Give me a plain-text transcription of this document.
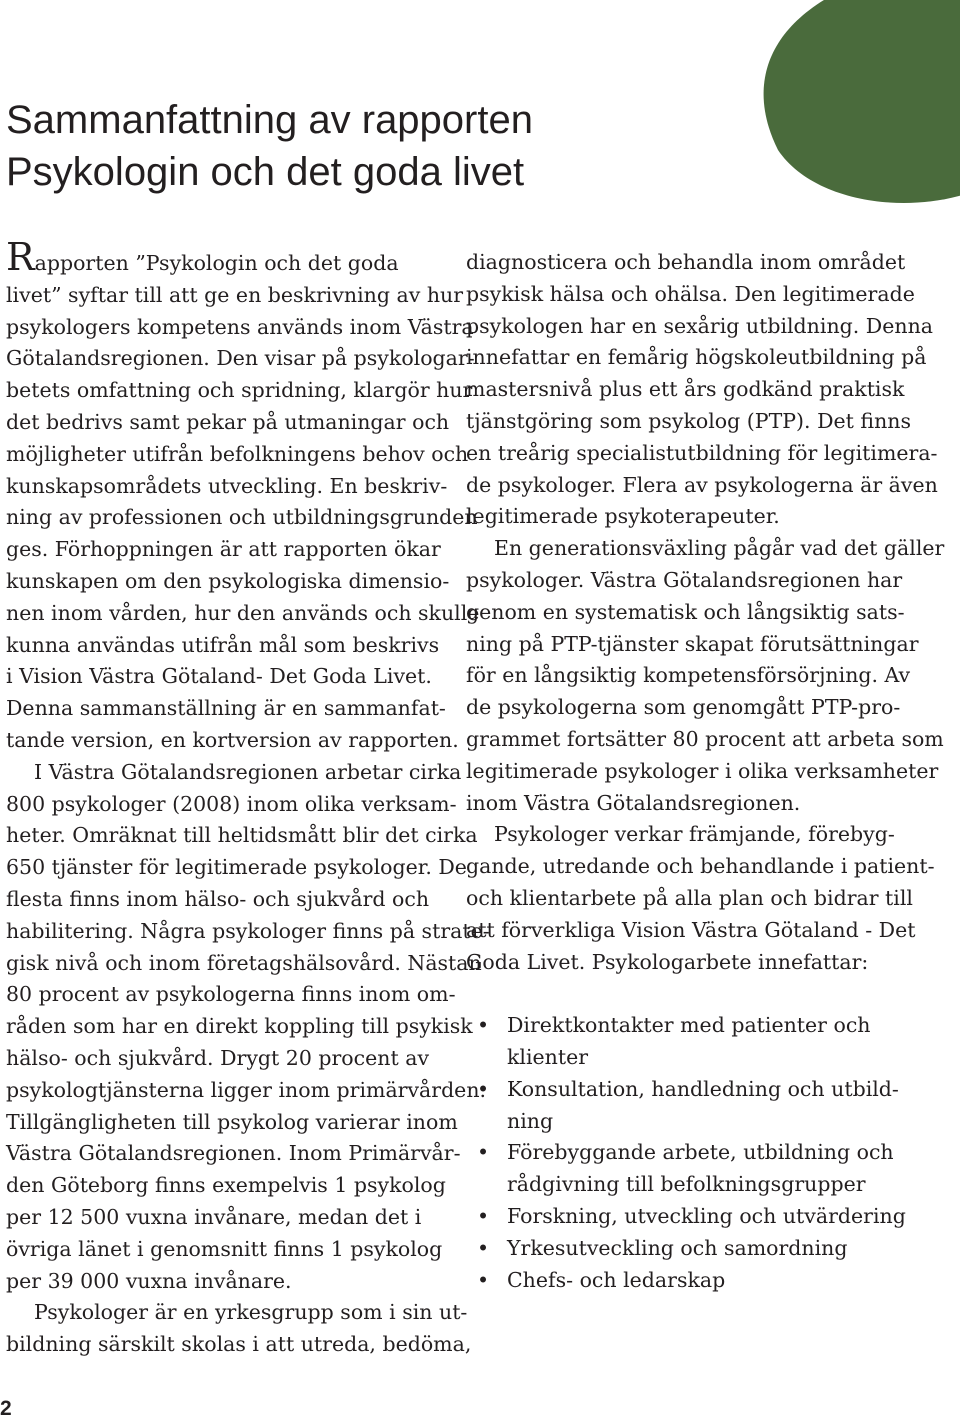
Sammanfattning av rapporten
Psykologin och det goda livet

Rapporten ”Psykologin och det goda
livet” syftar till att ge en beskrivning av hur
psykologers kompetens används inom Västra
Götalandsregionen. Den visar på psykologar-
betets omfattning och spridning, klargör hur
det bedrivs samt pekar på utmaningar och
möjligheter utifrån befolkningens behov och
kunskapsområdets utveckling. En beskriv-
ning av professionen och utbildningsgrunden
ges. Förhoppningen är att rapporten ökar
kunskapen om den psykologiska dimensio-
nen inom vården, hur den används och skulle
kunna användas utifrån mål som beskrivs
i Vision Västra Götaland- Det Goda Livet.
Denna sammanställning är en sammanfat-
tande version, en kortversion av rapporten.

I Västra Götalandsregionen arbetar cirka
800 psykologer (2008) inom olika verksam-
heter. Omräknat till heltidsmått blir det cirka
650 tjänster för legitimerade psykologer. De
flesta finns inom hälso- och sjukvård och
habilitering. Några psykologer finns på strate-
gisk nivå och inom företagshälsovård. Nästan
80 procent av psykologerna finns inom om-
råden som har en direkt koppling till psykisk
hälso- och sjukvård. Drygt 20 procent av
psykologtjänsterna ligger inom primärvården.
Tillgängligheten till psykolog varierar inom
Västra Götalandsregionen. Inom Primärvår-
den Göteborg finns exempelvis 1 psykolog
per 12 500 vuxna invånare, medan det i
övriga länet i genomsnitt finns 1 psykolog
per 39 000 vuxna invånare.

Psykologer är en yrkesgrupp som i sin ut-
bildning särskilt skolas i att utreda, bedöma,

diagnosticera och behandla inom området
psykisk hälsa och ohälsa. Den legitimerade
psykologen har en sexårig utbildning. Denna
innefattar en femårig högskoleutbildning på
mastersnivå plus ett års godkänd praktisk
tjänstgöring som psykolog (PTP). Det finns
en treårig specialistutbildning för legitimera-
de psykologer. Flera av psykologerna är även
legitimerade psykoterapeuter.

En generationsväxling pågår vad det gäller
psykologer. Västra Götalandsregionen har
genom en systematisk och långsiktig sats-
ning på PTP-tjänster skapat förutsättningar
för en långsiktig kompetensförsörjning. Av
de psykologerna som genomgått PTP-pro-
grammet fortsätter 80 procent att arbeta som
legitimerade psykologer i olika verksamheter
inom Västra Götalandsregionen.

Psykologer verkar främjande, förebyg-
gande, utredande och behandlande i patient-
och klientarbete på alla plan och bidrar till
att förverkliga Vision Västra Götaland - Det
Goda Livet. Psykologarbete innefattar:

• Direktkontakter med patienter och
klienter
• Konsultation, handledning och utbild-
ning
• Förebyggande arbete, utbildning och
rådgivning till befolkningsgrupper
• Forskning, utveckling och utvärdering
• Yrkesutveckling och samordning
• Chefs- och ledarskap
2
